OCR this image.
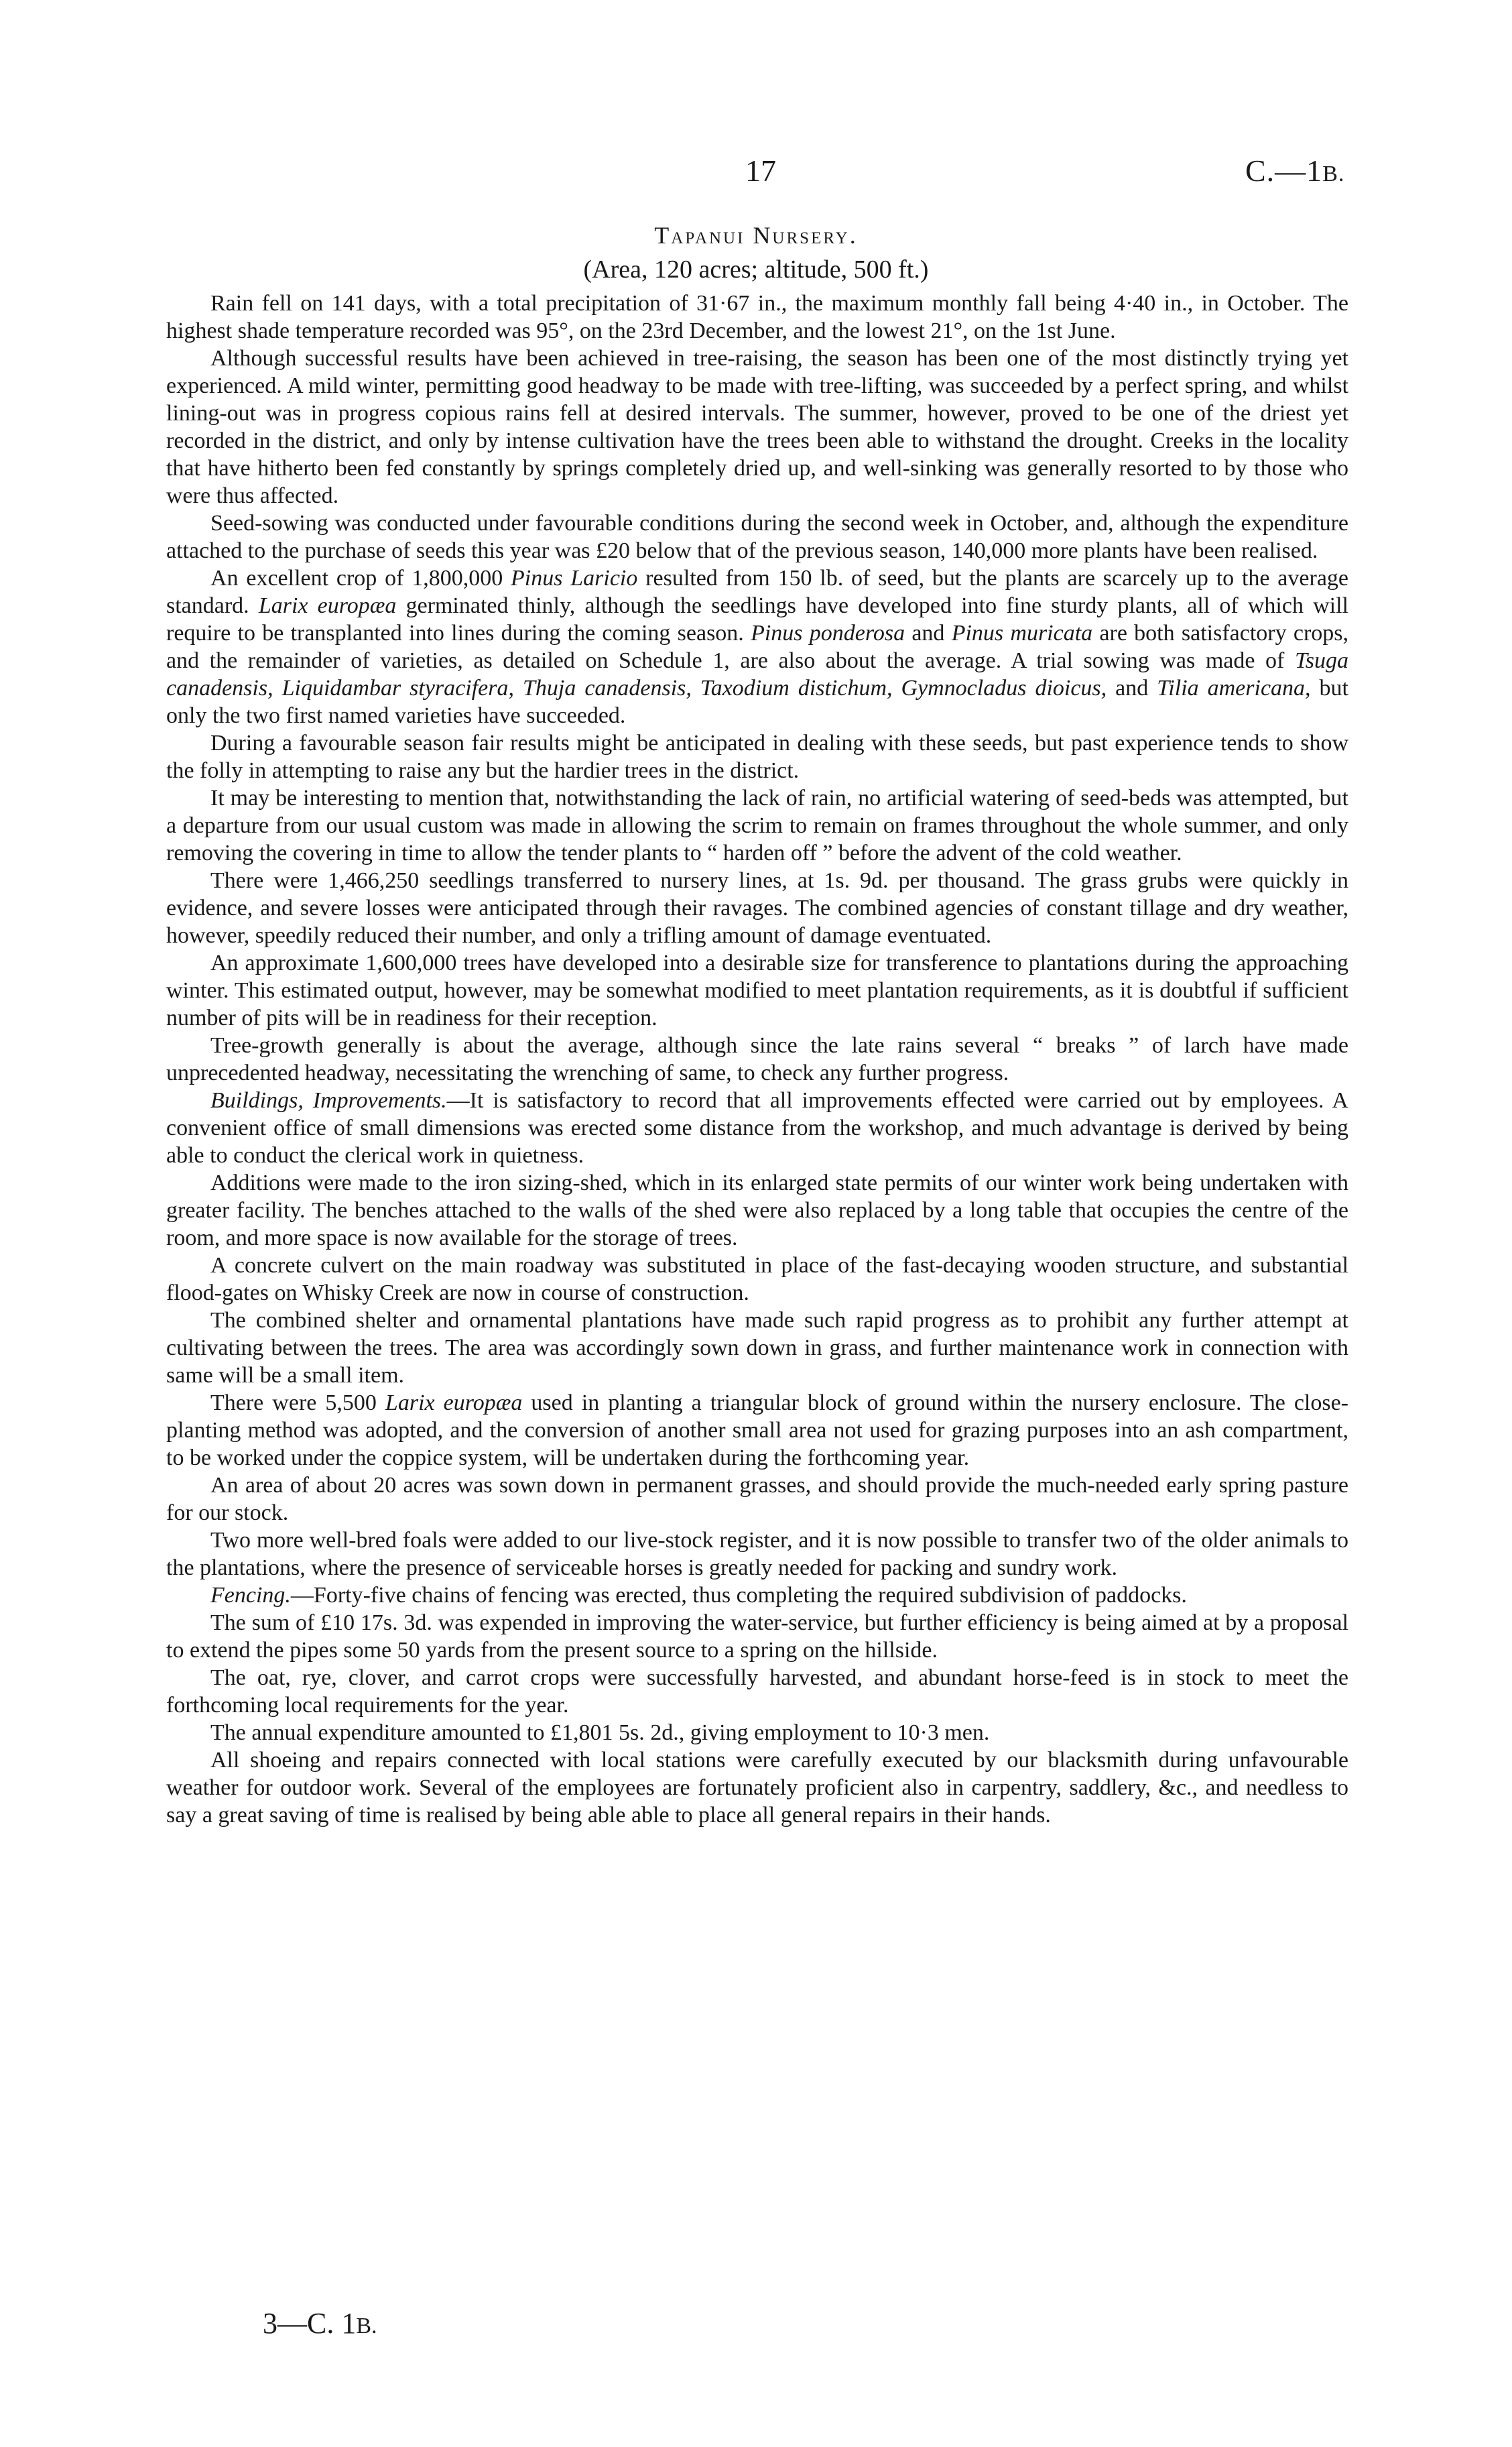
17	C.—1B.
Tapanui Nursery.
(Area, 120 acres; altitude, 500 ft.)

Rain fell on 141 days, with a total precipitation of 31·67 in., the maximum monthly fall being 4·40 in., in October. The highest shade temperature recorded was 95°, on the 23rd December, and the lowest 21°, on the 1st June.

Although successful results have been achieved in tree-raising, the season has been one of the most distinctly trying yet experienced. A mild winter, permitting good headway to be made with tree-lifting, was succeeded by a perfect spring, and whilst lining-out was in progress copious rains fell at desired intervals. The summer, however, proved to be one of the driest yet recorded in the district, and only by intense cultivation have the trees been able to withstand the drought. Creeks in the locality that have hitherto been fed constantly by springs completely dried up, and well-sinking was generally resorted to by those who were thus affected.

Seed-sowing was conducted under favourable conditions during the second week in October, and, although the expenditure attached to the purchase of seeds this year was £20 below that of the previous season, 140,000 more plants have been realised.

An excellent crop of 1,800,000 Pinus Laricio resulted from 150 lb. of seed, but the plants are scarcely up to the average standard. Larix europæa germinated thinly, although the seedlings have developed into fine sturdy plants, all of which will require to be transplanted into lines during the coming season. Pinus ponderosa and Pinus muricata are both satisfactory crops, and the remainder of varieties, as detailed on Schedule 1, are also about the average. A trial sowing was made of Tsuga canadensis, Liquidambar styracifera, Thuja canadensis, Taxodium distichum, Gymnocladus dioicus, and Tilia americana, but only the two first named varieties have succeeded.

During a favourable season fair results might be anticipated in dealing with these seeds, but past experience tends to show the folly in attempting to raise any but the hardier trees in the district.

It may be interesting to mention that, notwithstanding the lack of rain, no artificial watering of seed-beds was attempted, but a departure from our usual custom was made in allowing the scrim to remain on frames throughout the whole summer, and only removing the covering in time to allow the tender plants to “ harden off ” before the advent of the cold weather.

There were 1,466,250 seedlings transferred to nursery lines, at 1s. 9d. per thousand. The grass grubs were quickly in evidence, and severe losses were anticipated through their ravages. The combined agencies of constant tillage and dry weather, however, speedily reduced their number, and only a trifling amount of damage eventuated.

An approximate 1,600,000 trees have developed into a desirable size for transference to plantations during the approaching winter. This estimated output, however, may be somewhat modified to meet plantation requirements, as it is doubtful if sufficient number of pits will be in readiness for their reception.

Tree-growth generally is about the average, although since the late rains several “ breaks ” of larch have made unprecedented headway, necessitating the wrenching of same, to check any further progress.

Buildings, Improvements.—It is satisfactory to record that all improvements effected were carried out by employees. A convenient office of small dimensions was erected some distance from the workshop, and much advantage is derived by being able to conduct the clerical work in quietness.

Additions were made to the iron sizing-shed, which in its enlarged state permits of our winter work being undertaken with greater facility. The benches attached to the walls of the shed were also replaced by a long table that occupies the centre of the room, and more space is now available for the storage of trees.

A concrete culvert on the main roadway was substituted in place of the fast-decaying wooden structure, and substantial flood-gates on Whisky Creek are now in course of construction.

The combined shelter and ornamental plantations have made such rapid progress as to prohibit any further attempt at cultivating between the trees. The area was accordingly sown down in grass, and further maintenance work in connection with same will be a small item.

There were 5,500 Larix europæa used in planting a triangular block of ground within the nursery enclosure. The close-planting method was adopted, and the conversion of another small area not used for grazing purposes into an ash compartment, to be worked under the coppice system, will be undertaken during the forthcoming year.

An area of about 20 acres was sown down in permanent grasses, and should provide the much-needed early spring pasture for our stock.

Two more well-bred foals were added to our live-stock register, and it is now possible to transfer two of the older animals to the plantations, where the presence of serviceable horses is greatly needed for packing and sundry work.

Fencing.—Forty-five chains of fencing was erected, thus completing the required subdivision of paddocks.

The sum of £10 17s. 3d. was expended in improving the water-service, but further efficiency is being aimed at by a proposal to extend the pipes some 50 yards from the present source to a spring on the hillside.

The oat, rye, clover, and carrot crops were successfully harvested, and abundant horse-feed is in stock to meet the forthcoming local requirements for the year.

The annual expenditure amounted to £1,801 5s. 2d., giving employment to 10·3 men.

All shoeing and repairs connected with local stations were carefully executed by our blacksmith during unfavourable weather for outdoor work. Several of the employees are fortunately proficient also in carpentry, saddlery, &c., and needless to say a great saving of time is realised by being able able to place all general repairs in their hands.

3—C. 1B.
